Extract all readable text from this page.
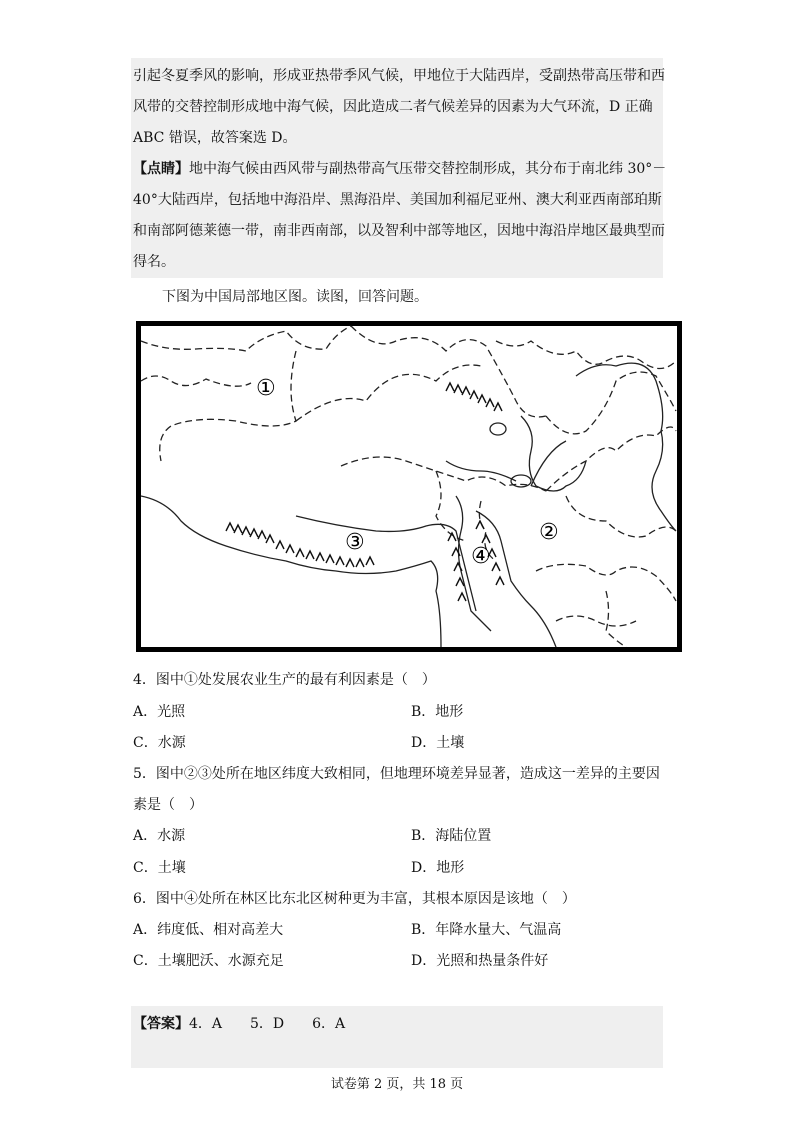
引起冬夏季风的影响，形成亚热带季风气候，甲地位于大陆西岸，受副热带高压带和西
风带的交替控制形成地中海气候，因此造成二者气候差异的因素为大气环流，D 正确
ABC 错误，故答案选 D。
【点睛】地中海气候由西风带与副热带高气压带交替控制形成，其分布于南北纬 30°－
40°大陆西岸，包括地中海沿岸、黑海沿岸、美国加利福尼亚州、澳大利亚西南部珀斯
和南部阿德莱德一带，南非西南部，以及智利中部等地区，因地中海沿岸地区最典型而
得名。
下图为中国局部地区图。读图，回答问题。
①
②
③
④
4．图中①处发展农业生产的最有利因素是（　）
A．光照	B．地形
C．水源	D．土壤
5．图中②③处所在地区纬度大致相同，但地理环境差异显著，造成这一差异的主要因
素是（　）
A．水源	B．海陆位置
C．土壤	D．地形
6．图中④处所在林区比东北区树种更为丰富，其根本原因是该地（　）
A．纬度低、相对高差大	B．年降水量大、气温高
C．土壤肥沃、水源充足	D．光照和热量条件好
【答案】4．A　　5．D　　6．A
试卷第 2 页，共 18 页
